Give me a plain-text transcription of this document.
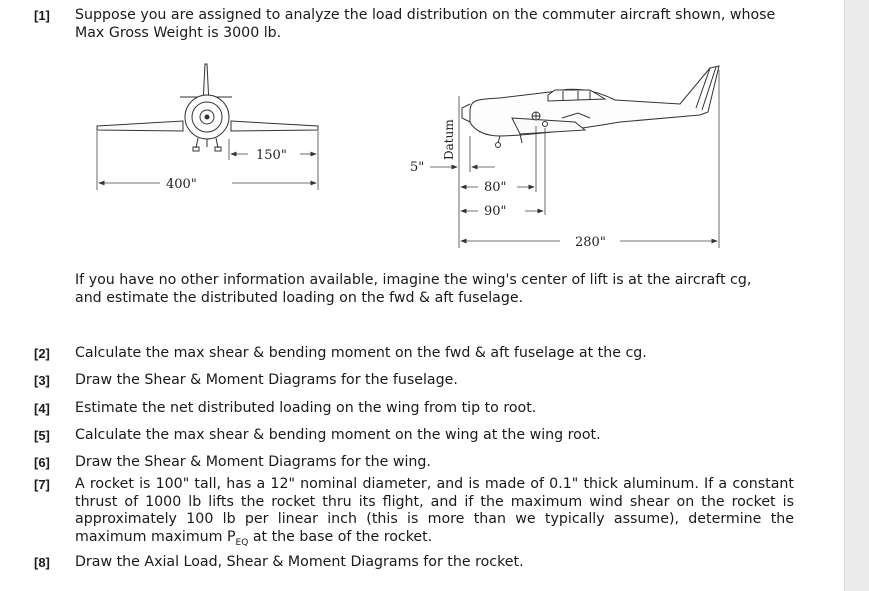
[1] Suppose you are assigned to analyze the load distribution on the commuter aircraft shown, whose
Max Gross Weight is 3000 lb.
150"
400"
Datum
5"
80"
90"
280"
If you have no other information available, imagine the wing's center of lift is at the aircraft cg,
and estimate the distributed loading on the fwd & aft fuselage.
[2] Calculate the max shear & bending moment on the fwd & aft fuselage at the cg.
[3] Draw the Shear & Moment Diagrams for the fuselage.
[4] Estimate the net distributed loading on the wing from tip to root.
[5] Calculate the max shear & bending moment on the wing at the wing root.
[6] Draw the Shear & Moment Diagrams for the wing.
[7] A rocket is 100" tall, has a 12" nominal diameter, and is made of 0.1" thick aluminum. If a constant
thrust of 1000 lb lifts the rocket thru its flight, and if the maximum wind shear on the rocket is
approximately 100 lb per linear inch (this is more than we typically assume), determine the
maximum maximum $P_{EQ}$ at the base of the rocket.
[8] Draw the Axial Load, Shear & Moment Diagrams for the rocket.
